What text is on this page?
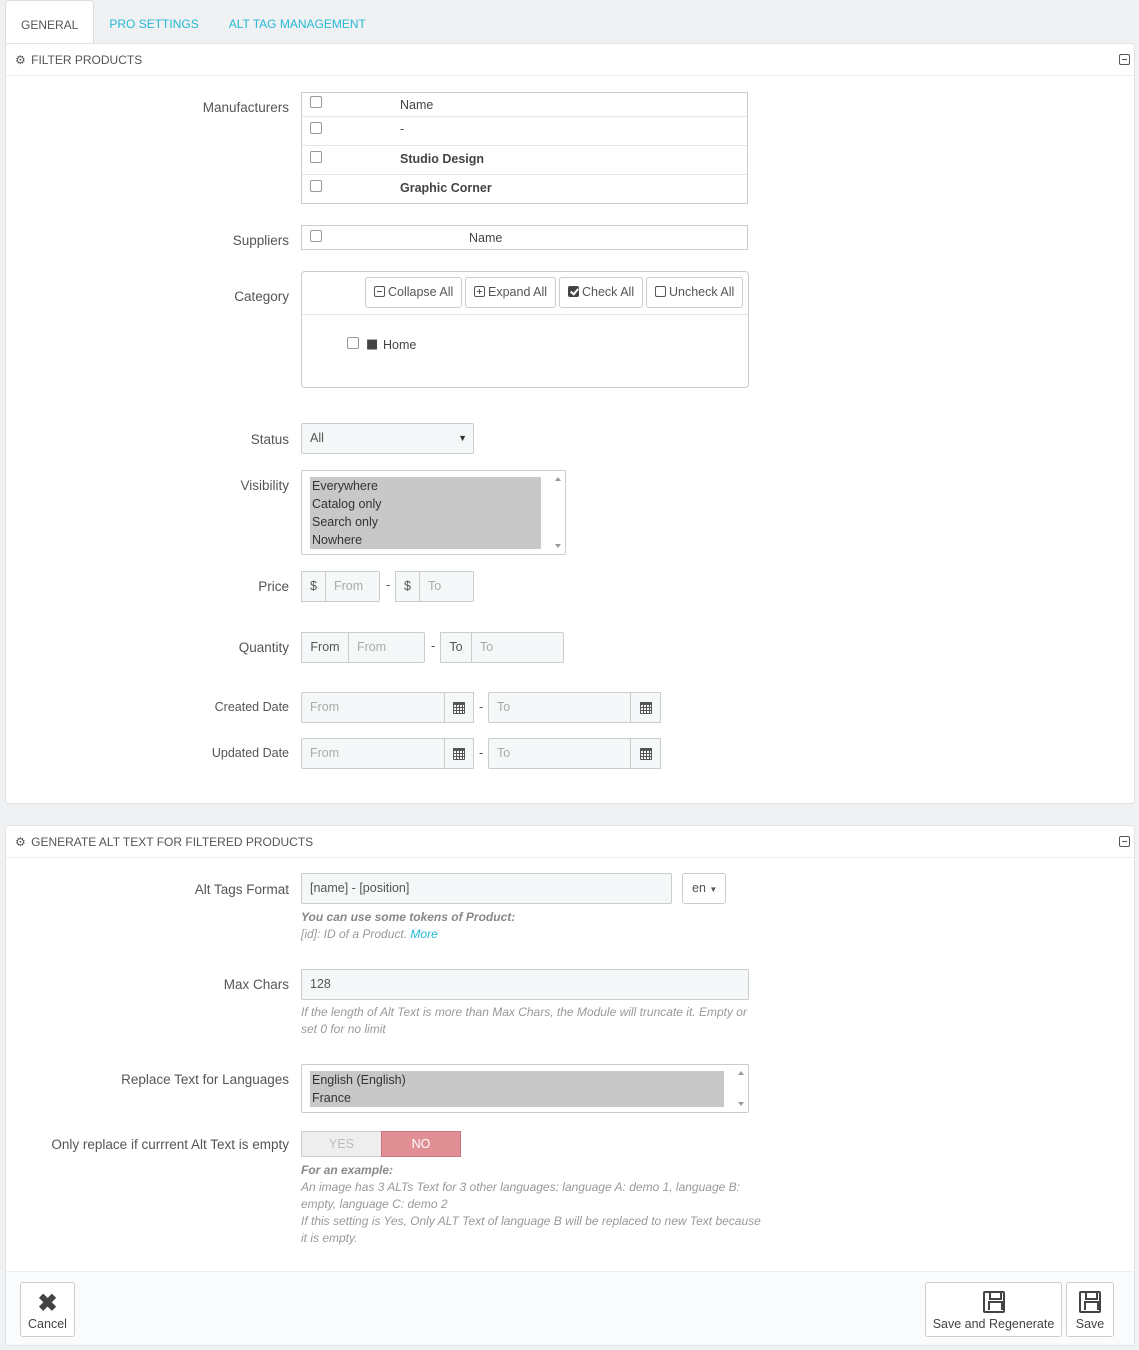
GENERAL	PRO SETTINGS	ALT TAG MANAGEMENT
⚙ FILTER PRODUCTS
Manufacturers	Name
-
Studio Design
Graphic Corner
Suppliers	Name
Category	Collapse All	Expand All	Check All	Uncheck All
■ Home
Status	All	▼
Visibility Everywhere
Catalog only
Search only
Nowhere
Price	$	From	-	$	To
Quantity	From	From	-	To	To
Created Date	From	-	To
Updated Date	From	-	To
⚙ GENERATE ALT TEXT FOR FILTERED PRODUCTS
Alt Tags Format	[name] - [position]	en ▼
You can use some tokens of Product:
[id]: ID of a Product. More
Max Chars	128
If the length of Alt Text is more than Max Chars, the Module will truncate it. Empty or
set 0 for no limit
Replace Text for Languages English (English)
France
Only replace if currrent Alt Text is empty	YES	NO
For an example:
An image has 3 ALTs Text for 3 other languages: language A: demo 1, language B:
empty, language C: demo 2
If this setting is Yes, Only ALT Text of language B will be replaced to new Text because
it is empty.
✖
Cancel	Save and Regenerate	Save
